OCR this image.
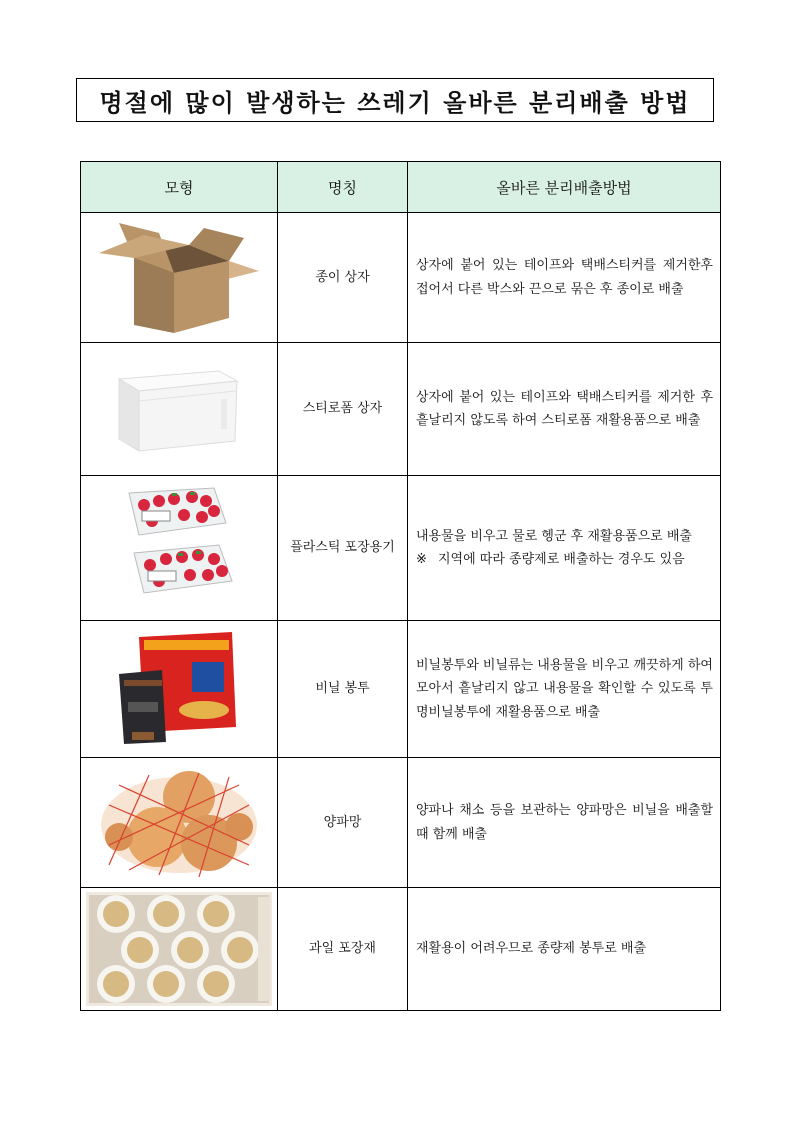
명절에 많이 발생하는 쓰레기 올바른 분리배출 방법
모형	명칭	올바른 분리배출방법

	종이 상자	상자에 붙어 있는 테이프와 택배스티커를 제거한후 접어서 다른 박스와 끈으로 묶은 후 종이로 배출

	스티로폼 상자	상자에 붙어 있는 테이프와 택배스티커를 제거한 후 흩날리지 않도록 하여 스티로폼 재활용품으로 배출

	플라스틱 포장용기	내용물을 비우고 물로 헹군 후 재활용품으로 배출
※ 지역에 따라 종량제로 배출하는 경우도 있음

	비닐 봉투	비닐봉투와 비닐류는 내용물을 비우고 깨끗하게 하여 모아서 흩날리지 않고 내용물을 확인할 수 있도록 투명비닐봉투에 재활용품으로 배출

	양파망	양파나 채소 등을 보관하는 양파망은 비닐을 배출할 때 함께 배출

	과일 포장재	재활용이 어려우므로 종량제 봉투로 배출
